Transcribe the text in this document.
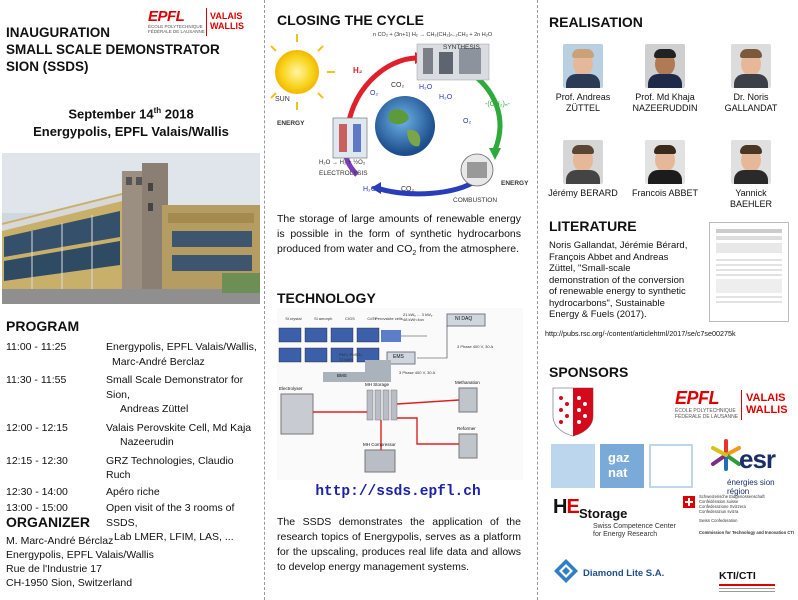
INAUGURATION
SMALL SCALE DEMONSTRATOR
SION (SSDS)
EPFL
ÉCOLE POLYTECHNIQUE
FÉDÉRALE DE LAUSANNE
VALAIS
WALLIS
September 14th 2018
Energypolis, EPFL Valais/Wallis
PROGRAM
11:00 - 11:25	Energypolis, EPFL Valais/Wallis,
Marc-André Berclaz
11:30 - 11:55	Small Scale Demonstrator for Sion,
Andreas Züttel
12:00 - 12:15	Valais Perovskite Cell, Md Kaja
Nazeerudin
12:15 - 12:30	GRZ Technologies, Claudio Ruch
12:30 - 14:00	Apéro riche
13:00 - 15:00	Open visit of the 3 rooms of SSDS,
Lab LMER, LFIM, LAS, ...
ORGANIZER
M. Marc-André Bérclaz
Energypolis, EPFL Valais/Wallis
Rue de l'Industrie 17
CH-1950 Sion, Switzerland
CLOSING THE CYCLE
n CO₂ + (3n+1) H₂ → CH₃(CH₂)ₙ₋₂CH₃ + 2n H₂O
SYNTHESIS
SUN
ENERGY
H₂
CO₂ H₂O
H₂O
O₂
O₂
-(CH₂)ₙ-
H₂O → H₂ + ½O₂
ELECTROLYSIS
H₂O	CO₂
COMBUSTION
ENERGY
The storage of large amounts of renewable energy is possible in the form of synthetic hydrocarbons produced from water and $CO_2$ from the atmosphere.
TECHNOLOGY
Si crystal	Si amorph	CIGS	CdTe
Perovskite cells
21 kWₚ ... 3 kWₚ
48 kWh lion	NI DAQ
EMS
PbO₂ PbSO₄
72 kWh
BMS
3 Phase 400 V, 30 A
3 Phase 400 V, 30 A
Electrolyser
MH Storage
MH Compressor
Methanation
Reformer
http://ssds.epfl.ch
The SSDS demonstrates the application of the research topics of Energypolis, serves as a platform for the upscaling, produces real life data and allows to develop energy management systems.
REALISATION
Prof. Andreas
ZÜTTEL
Prof. Md Khaja
NAZEERUDDIN
Dr. Noris
GALLANDAT
Jérémy BERARD	Francois ABBET	Yannick BAEHLER
LITERATURE
Noris Gallandat, Jérémie Bérard,
François Abbet and Andreas
Züttel, "Small-scale
demonstration of the conversion
of renewable energy to synthetic
hydrocarbons", Sustainable
Energy & Fuels (2017).
http://pubs.rsc.org/-/content/articlehtml/2017/se/c7se00275k
SPONSORS
EPFL
ÉCOLE POLYTECHNIQUE
FÉDÉRALE DE LAUSANNE
VALAIS
WALLIS
gaz
nat	esr
énergies sion région
HE Storage
Swiss Competence Center
for Energy Research
Schweizerische Eidgenossenschaft
Confédération suisse
Confederazione Svizzera
Confederaziun svizra
Swiss Confederation
Commission for Technology and Innovation CTI
Diamond Lite S.A.	KTI/CTI
